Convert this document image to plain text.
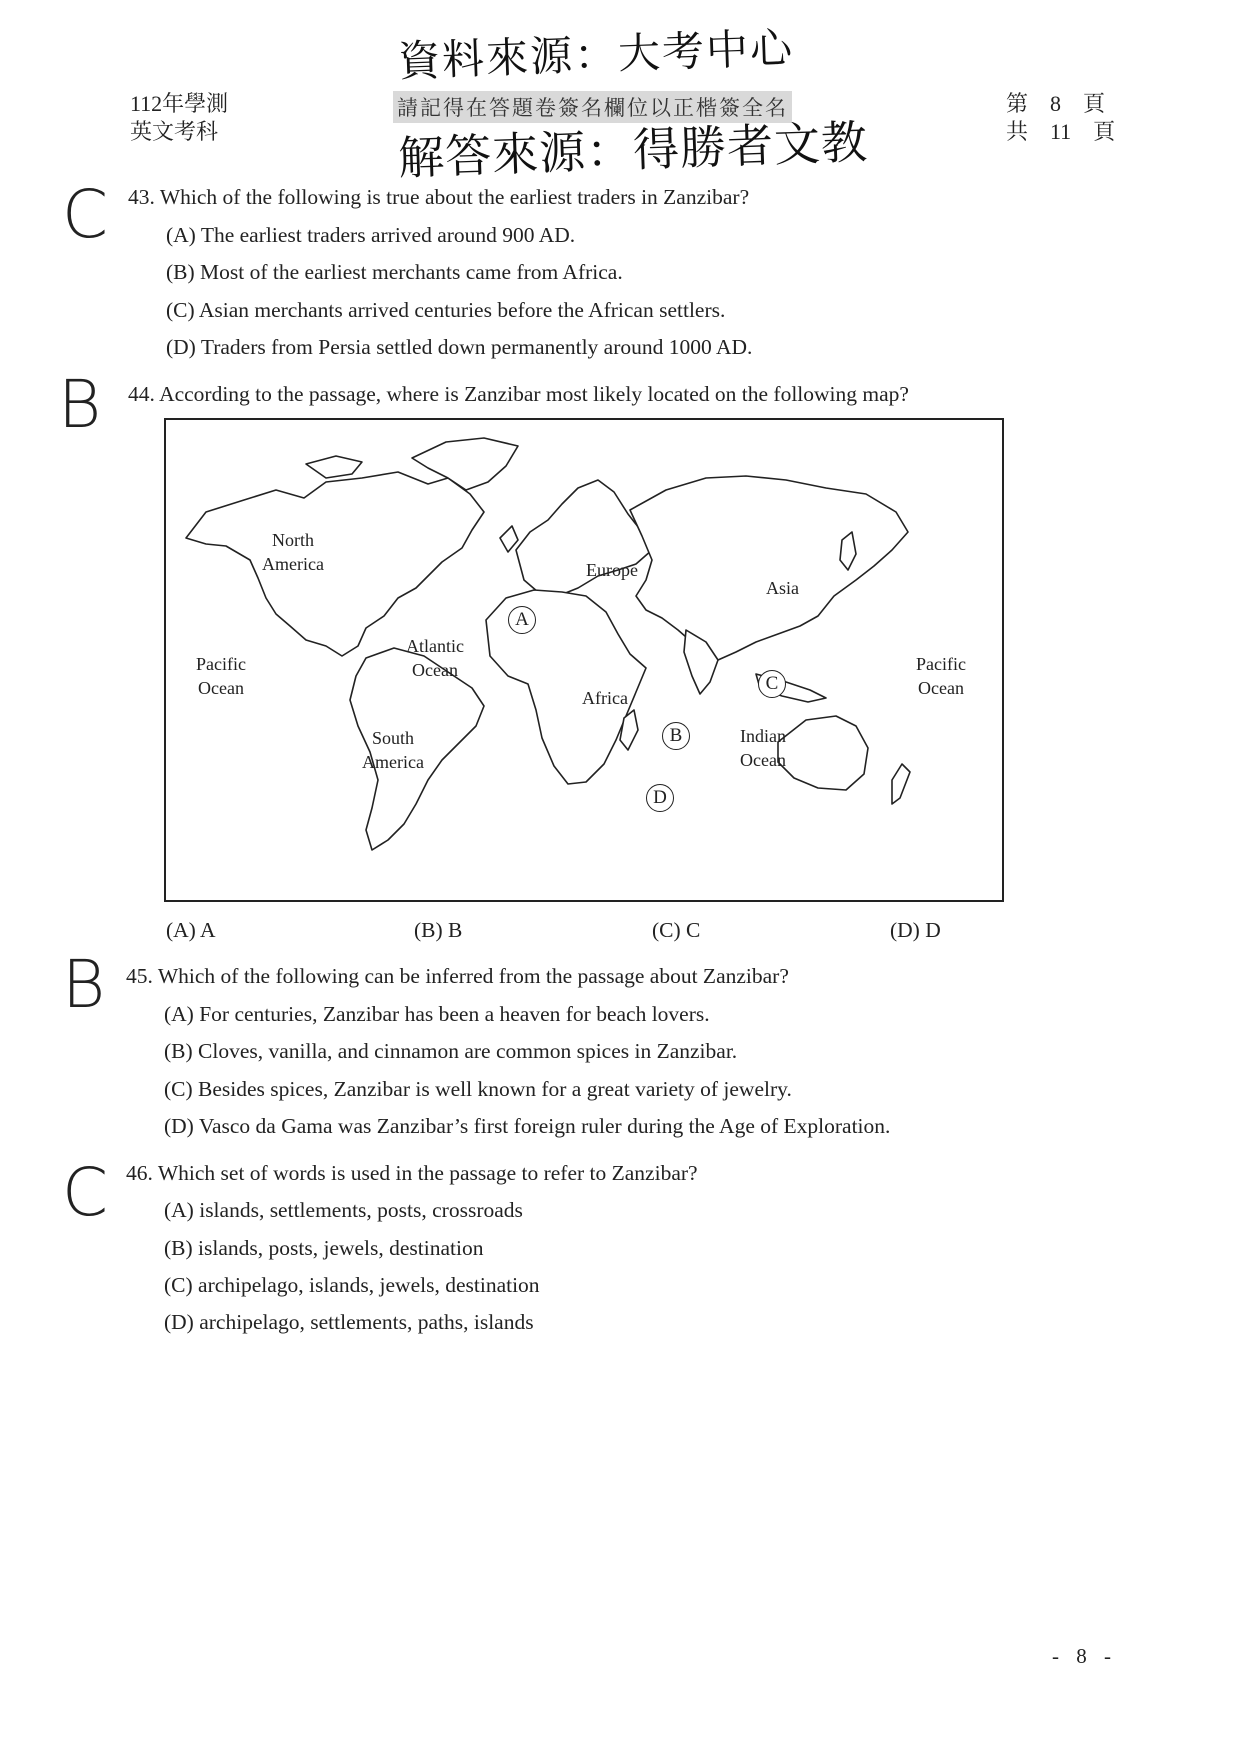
112年學測
英文考科
資料來源：大考中心
請記得在答題卷簽名欄位以正楷簽全名
解答來源：得勝者文教
第　8　頁
共　11　頁
C 43. Which of the following is true about the earliest traders in Zanzibar?
(A) The earliest traders arrived around 900 AD.
(B) Most of the earliest merchants came from Africa.
(C) Asian merchants arrived centuries before the African settlers.
(D) Traders from Persia settled down permanently around 1000 AD.
B 44. According to the passage, where is Zanzibar most likely located on the following map?
North
America
Pacific
Ocean
Atlantic
Ocean
Europe
Asia
Africa
Pacific
Ocean
South
America
Indian
Ocean
A
B
C
D
(A) A	(B) B	(C) C	(D) D
B 45. Which of the following can be inferred from the passage about Zanzibar?
(A) For centuries, Zanzibar has been a heaven for beach lovers.
(B) Cloves, vanilla, and cinnamon are common spices in Zanzibar.
(C) Besides spices, Zanzibar is well known for a great variety of jewelry.
(D) Vasco da Gama was Zanzibar’s first foreign ruler during the Age of Exploration.
C 46. Which set of words is used in the passage to refer to Zanzibar?
(A) islands, settlements, posts, crossroads
(B) islands, posts, jewels, destination
(C) archipelago, islands, jewels, destination
(D) archipelago, settlements, paths, islands
- 8 -
